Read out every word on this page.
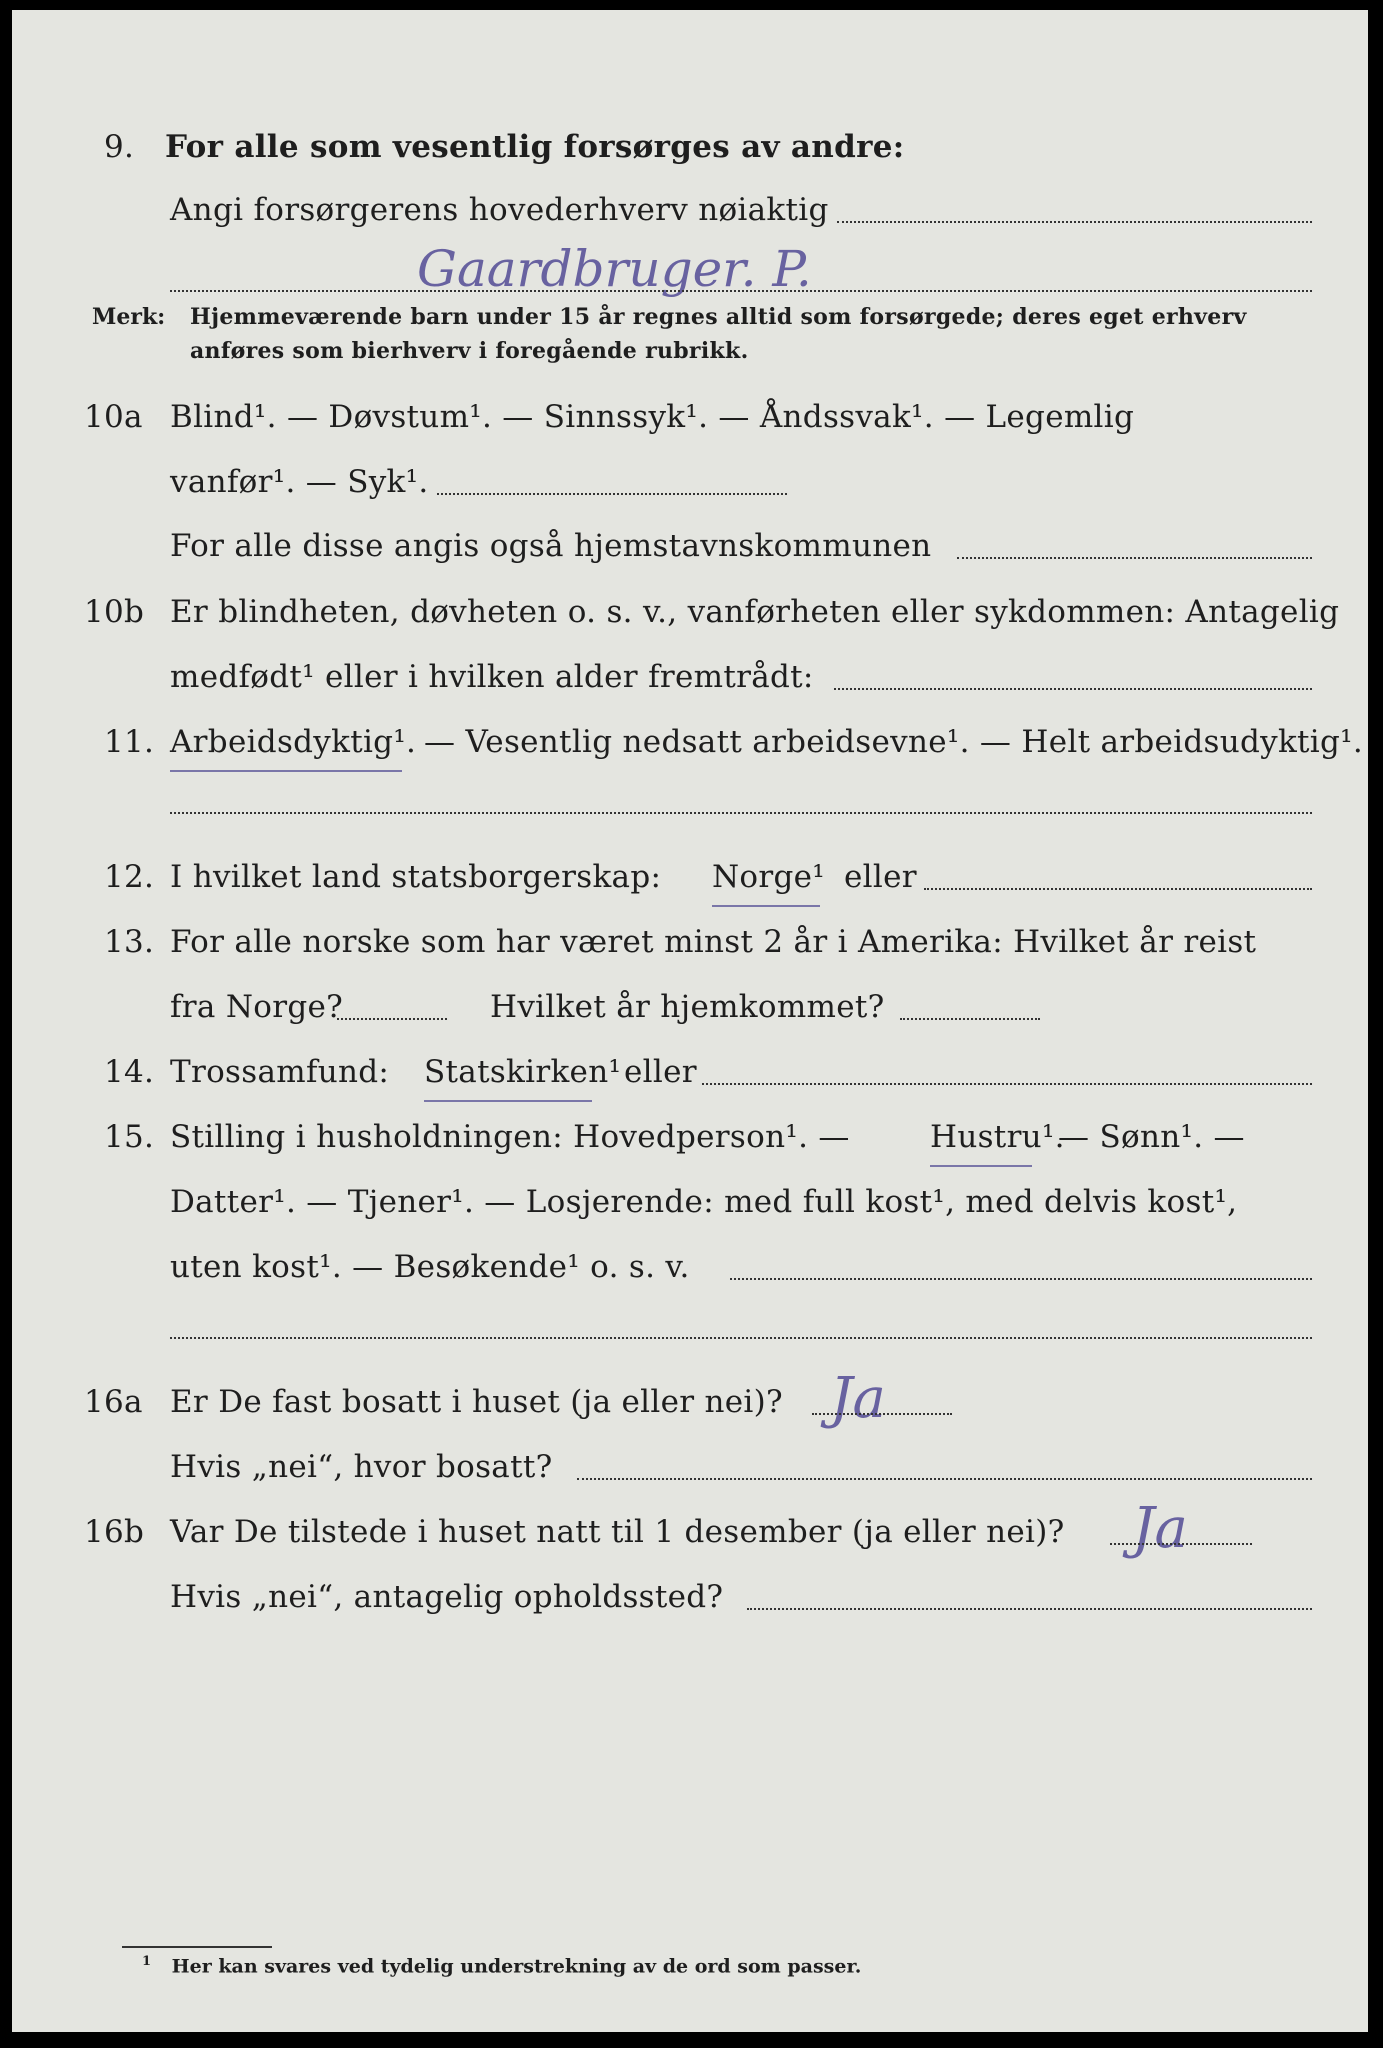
9. For alle som vesentlig forsørges av andre:
Angi forsørgerens hovederhverv nøiaktig
Gaardbruger. P.
Merk: Hjemmeværende barn under 15 år regnes alltid som forsørgede; deres eget erhverv
anføres som bierhverv i foregående rubrikk.
10a Blind¹. — Døvstum¹. — Sinnssyk¹. — Åndssvak¹. — Legemlig
vanfør¹. — Syk¹.
For alle disse angis også hjemstavnskommunen
10b Er blindheten, døvheten o. s. v., vanførheten eller sykdommen: Antagelig
medfødt¹ eller i hvilken alder fremtrådt:
11. Arbeidsdyktig¹. — Vesentlig nedsatt arbeidsevne¹. — Helt arbeidsudyktig¹.
12. I hvilket land statsborgerskap: Norge¹ eller
13. For alle norske som har været minst 2 år i Amerika: Hvilket år reist
fra Norge?	Hvilket år hjemkommet?
14. Trossamfund: Statskirken¹ eller
15. Stilling i husholdningen: Hovedperson¹. —	Hustru¹.
— Sønn¹. —
Datter¹. — Tjener¹. — Losjerende: med full kost¹, med delvis kost¹,
uten kost¹. — Besøkende¹ o. s. v.
16a Er De fast bosatt i huset (ja eller nei)? Ja
Hvis „nei“, hvor bosatt?
16b Var De tilstede i huset natt til 1 desember (ja eller nei)? Ja
Hvis „nei“, antagelig opholdssted?
$^1$ Her kan svares ved tydelig understrekning av de ord som passer.
